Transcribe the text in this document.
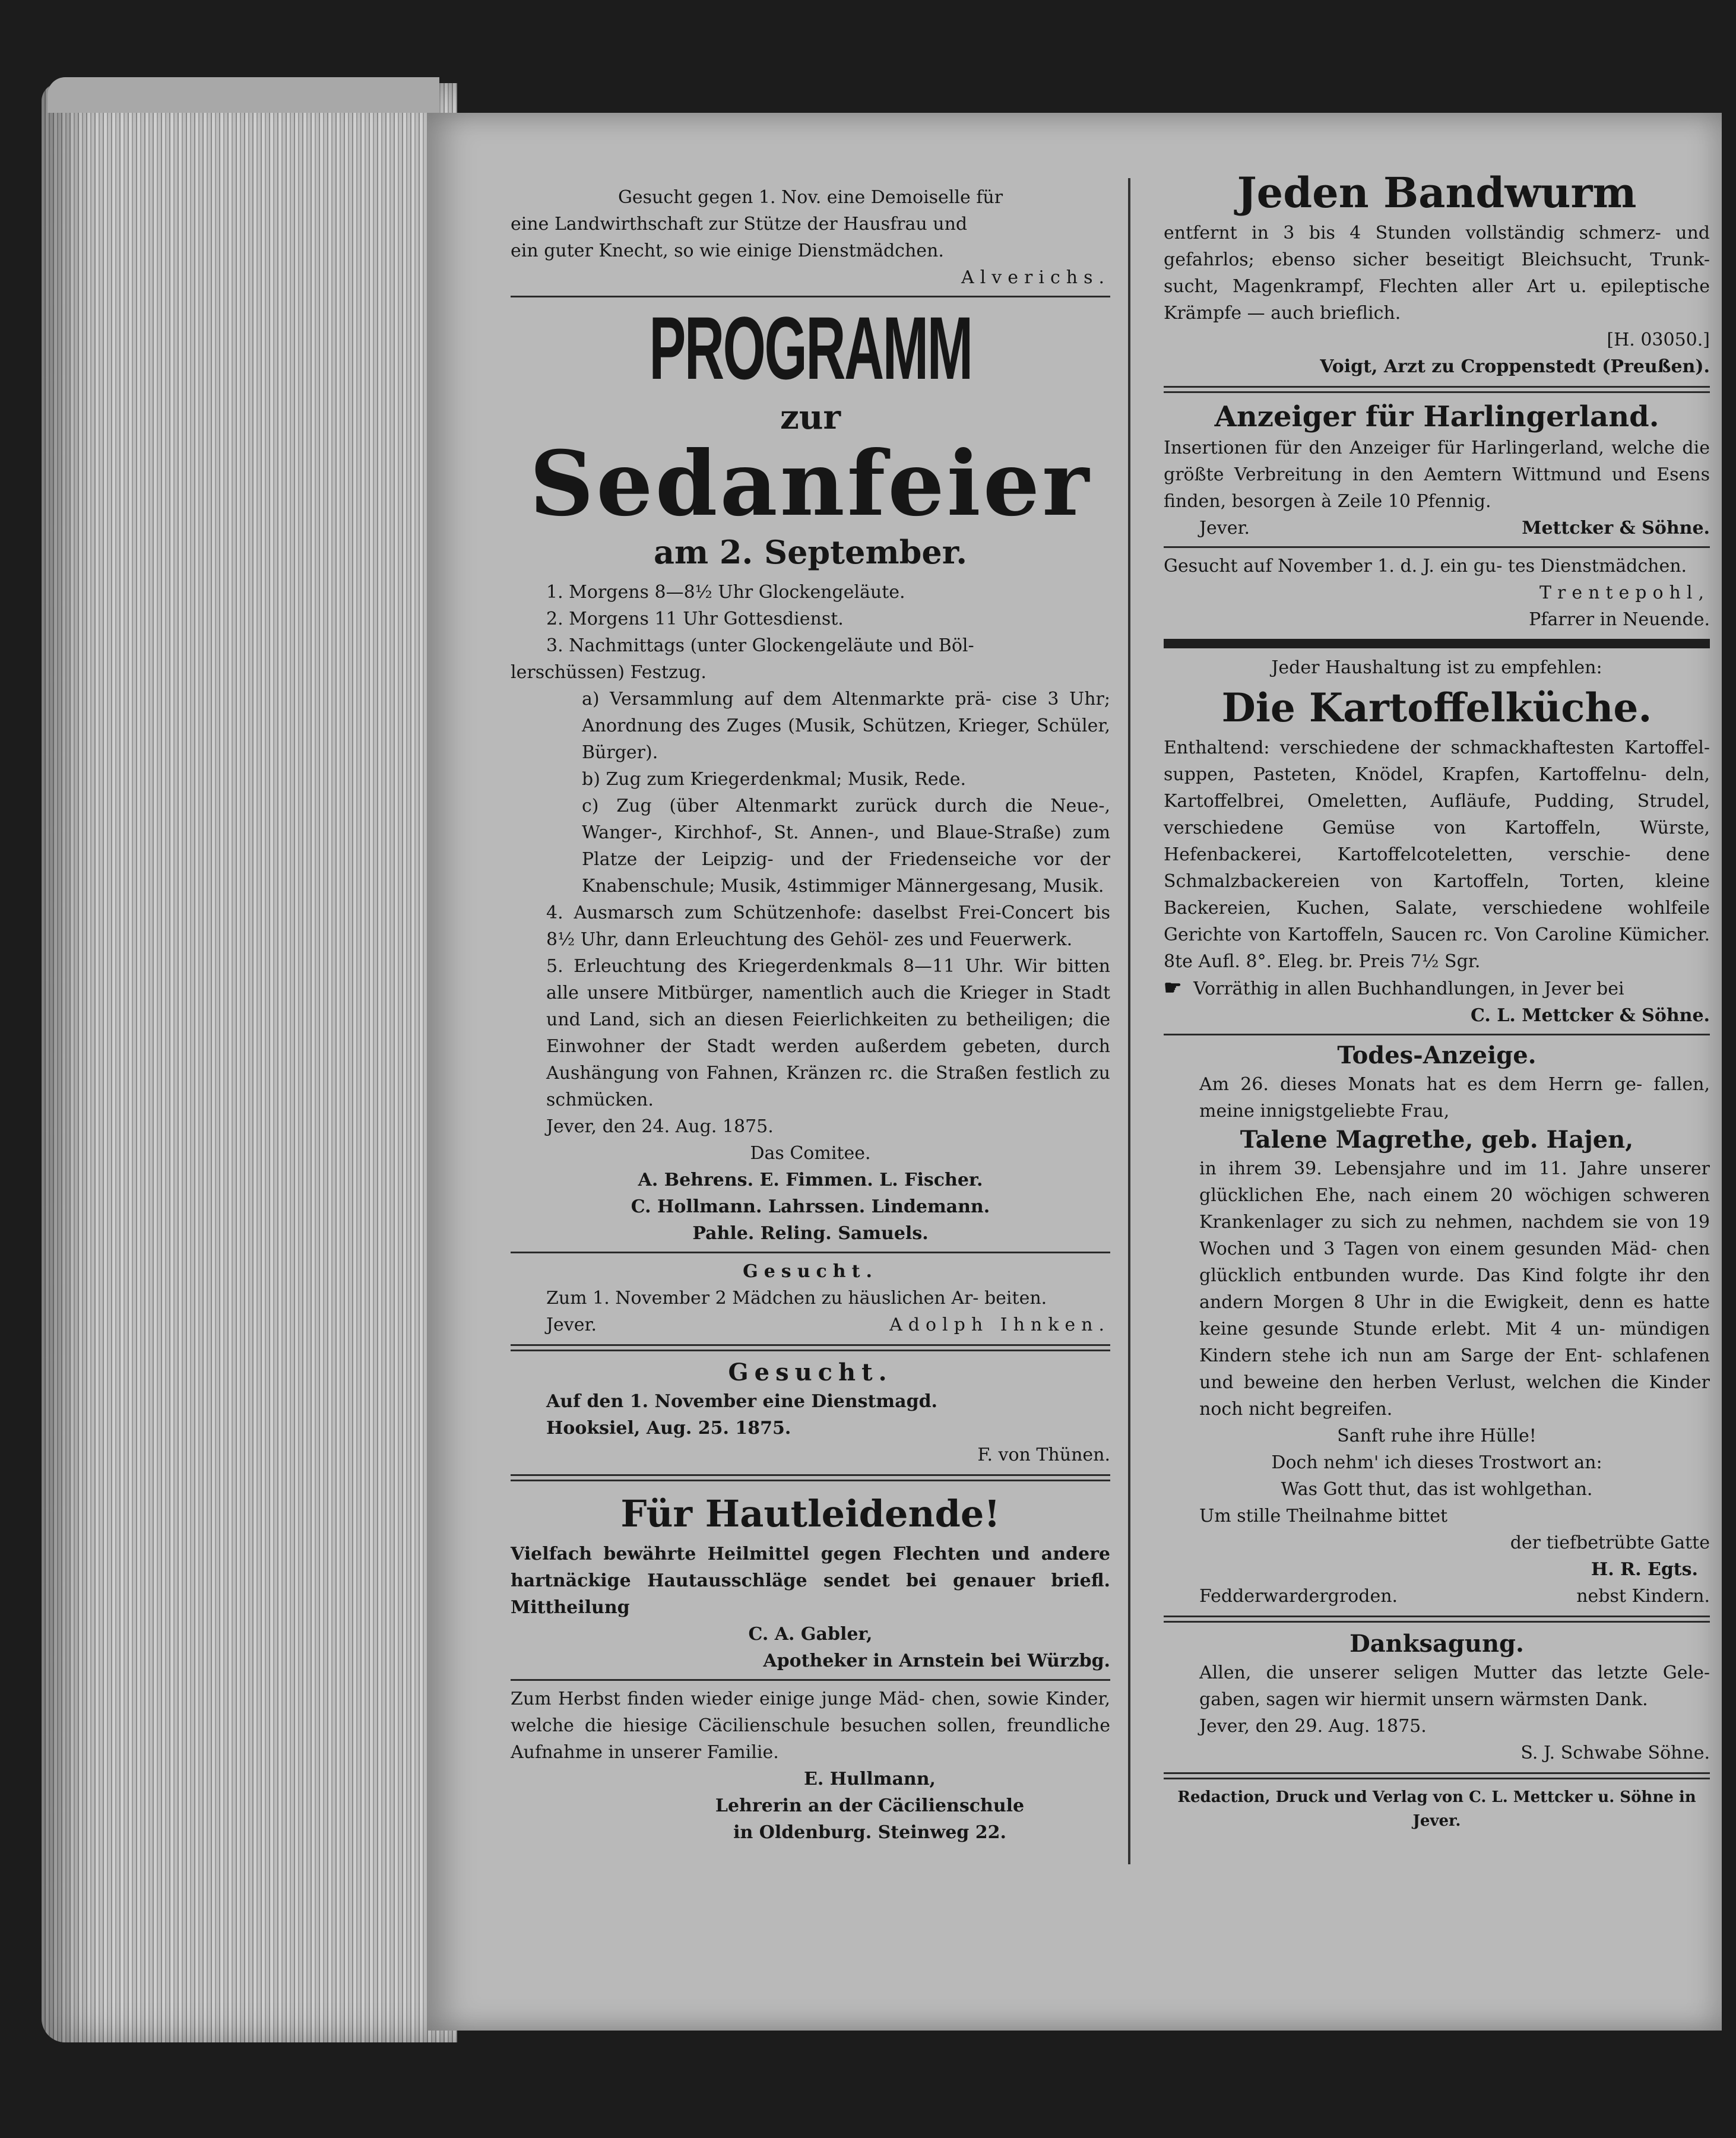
Gesucht gegen 1. Nov. eine Demoiselle für

eine Landwirthschaft zur Stütze der Hausfrau und

ein guter Knecht, so wie einige Dienstmädchen.

Alverichs.

PROGRAMM

zur

Sedanfeier

am 2. September.

1. Morgens 8—8½ Uhr Glockengeläute.

2. Morgens 11 Uhr Gottesdienst.

3. Nachmittags (unter Glockengeläute und Böl-

lerschüssen) Festzug.

a) Versammlung auf dem Altenmarkte prä- cise 3 Uhr; Anordnung des Zuges (Musik, Schützen, Krieger, Schüler, Bürger).

b) Zug zum Kriegerdenkmal; Musik, Rede.

c) Zug (über Altenmarkt zurück durch die Neue-, Wanger-, Kirchhof-, St. Annen-, und Blaue-Straße) zum Platze der Leipzig- und der Friedenseiche vor der Knabenschule; Musik, 4stimmiger Männergesang, Musik.

4. Ausmarsch zum Schützenhofe: daselbst Frei-Concert bis 8½ Uhr, dann Erleuchtung des Gehöl- zes und Feuerwerk.

5. Erleuchtung des Kriegerdenkmals 8—11 Uhr. Wir bitten alle unsere Mitbürger, namentlich auch die Krieger in Stadt und Land, sich an diesen Feierlichkeiten zu betheiligen; die Einwohner der Stadt werden außerdem gebeten, durch Aushängung von Fahnen, Kränzen rc. die Straßen festlich zu schmücken.

Jever, den 24. Aug. 1875.

Das Comitee.

A. Behrens. E. Fimmen. L. Fischer.

C. Hollmann. Lahrssen. Lindemann.

Pahle. Reling. Samuels.

Gesucht.

Zum 1. November 2 Mädchen zu häuslichen Ar- beiten.

Jever.	Adolph Ihnken.

Gesucht.

Auf den 1. November eine Dienstmagd.

Hooksiel, Aug. 25. 1875.

F. von Thünen.

Für Hautleidende!

Vielfach bewährte Heilmittel gegen Flechten und andere hartnäckige Hautausschläge sendet bei genauer briefl. Mittheilung

C. A. Gabler,

Apotheker in Arnstein bei Würzbg.

Zum Herbst finden wieder einige junge Mäd- chen, sowie Kinder, welche die hiesige Cäcilienschule besuchen sollen, freundliche Aufnahme in unserer Familie.

E. Hullmann,

Lehrerin an der Cäcilienschule

in Oldenburg. Steinweg 22.

Jeden Bandwurm

entfernt in 3 bis 4 Stunden vollständig schmerz- und gefahrlos; ebenso sicher beseitigt Bleichsucht, Trunk- sucht, Magenkrampf, Flechten aller Art u. epileptische Krämpfe — auch brieflich.

[H. 03050.]

Voigt, Arzt zu Croppenstedt (Preußen).

Anzeiger für Harlingerland.

Insertionen für den Anzeiger für Harlingerland, welche die größte Verbreitung in den Aemtern Wittmund und Esens finden, besorgen à Zeile 10 Pfennig.

Jever.	Mettcker & Söhne.

Gesucht auf November 1. d. J. ein gu- tes Dienstmädchen.

Trentepohl,

Pfarrer in Neuende.

Jeder Haushaltung ist zu empfehlen:

Die Kartoffelküche.

Enthaltend: verschiedene der schmackhaftesten Kartoffel- suppen, Pasteten, Knödel, Krapfen, Kartoffelnu- deln, Kartoffelbrei, Omeletten, Aufläufe, Pudding, Strudel, verschiedene Gemüse von Kartoffeln, Würste, Hefenbackerei, Kartoffelcoteletten, verschie- dene Schmalzbackereien von Kartoffeln, Torten, kleine Backereien, Kuchen, Salate, verschiedene wohlfeile Gerichte von Kartoffeln, Saucen rc. Von Caroline Kümicher. 8te Aufl. 8°. Eleg. br. Preis 7½ Sgr.

☛ Vorräthig in allen Buchhandlungen, in Jever bei

C. L. Mettcker & Söhne.

Todes-Anzeige.

Am 26. dieses Monats hat es dem Herrn ge- fallen, meine innigstgeliebte Frau,

Talene Magrethe, geb. Hajen,

in ihrem 39. Lebensjahre und im 11. Jahre unserer glücklichen Ehe, nach einem 20 wöchigen schweren Krankenlager zu sich zu nehmen, nachdem sie von 19 Wochen und 3 Tagen von einem gesunden Mäd- chen glücklich entbunden wurde. Das Kind folgte ihr den andern Morgen 8 Uhr in die Ewigkeit, denn es hatte keine gesunde Stunde erlebt. Mit 4 un- mündigen Kindern stehe ich nun am Sarge der Ent- schlafenen und beweine den herben Verlust, welchen die Kinder noch nicht begreifen.

Sanft ruhe ihre Hülle!

Doch nehm' ich dieses Trostwort an:

Was Gott thut, das ist wohlgethan.

Um stille Theilnahme bittet

der tiefbetrübte Gatte

H. R. Egts.

Fedderwardergroden.	nebst Kindern.

Danksagung.

Allen, die unserer seligen Mutter das letzte Gele- gaben, sagen wir hiermit unsern wärmsten Dank.

Jever, den 29. Aug. 1875.

S. J. Schwabe Söhne.

Redaction, Druck und Verlag von C. L. Mettcker u. Söhne in Jever.
